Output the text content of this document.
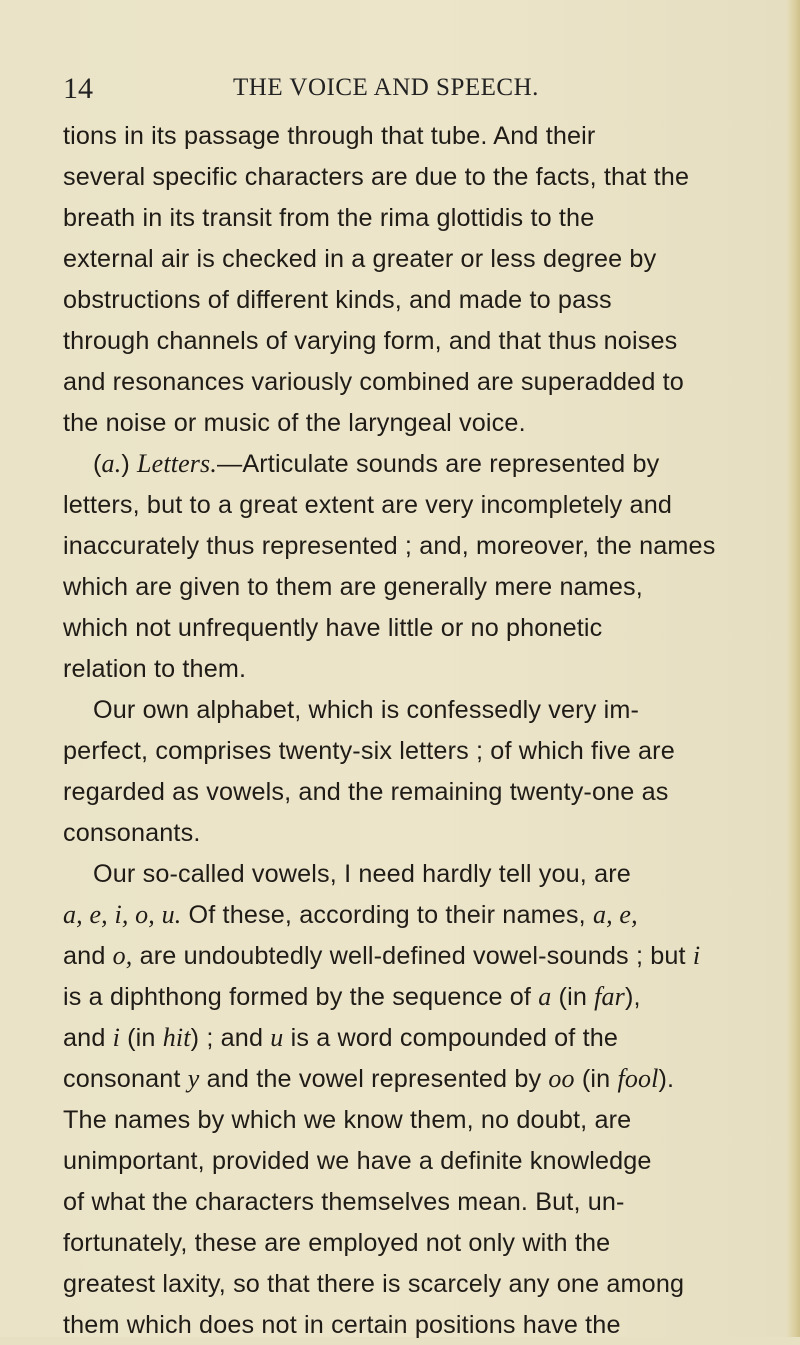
14	THE VOICE AND SPEECH.
tions in its passage through that tube. And their
several specific characters are due to the facts, that the
breath in its transit from the rima glottidis to the
external air is checked in a greater or less degree by
obstructions of different kinds, and made to pass
through channels of varying form, and that thus noises
and resonances variously combined are superadded to
the noise or music of the laryngeal voice.
(a.) Letters.—Articulate sounds are represented by
letters, but to a great extent are very incompletely and
inaccurately thus represented ; and, moreover, the names
which are given to them are generally mere names,
which not unfrequently have little or no phonetic
relation to them.
Our own alphabet, which is confessedly very im-
perfect, comprises twenty-six letters ; of which five are
regarded as vowels, and the remaining twenty-one as
consonants.
Our so-called vowels, I need hardly tell you, are
a, e, i, o, u. Of these, according to their names, a, e,
and o, are undoubtedly well-defined vowel-sounds ; but i
is a diphthong formed by the sequence of a (in far),
and i (in hit) ; and u is a word compounded of the
consonant y and the vowel represented by oo (in fool).
The names by which we know them, no doubt, are
unimportant, provided we have a definite knowledge
of what the characters themselves mean. But, un-
fortunately, these are employed not only with the
greatest laxity, so that there is scarcely any one among
them which does not in certain positions have the
